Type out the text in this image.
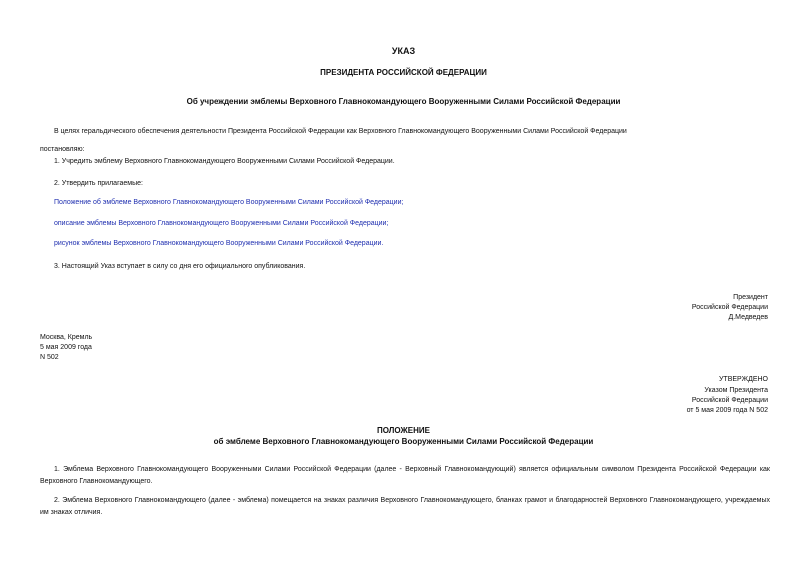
УКАЗ
ПРЕЗИДЕНТА РОССИЙСКОЙ ФЕДЕРАЦИИ
Об учреждении эмблемы Верховного Главнокомандующего Вооруженными Силами Российской Федерации
В целях геральдического обеспечения деятельности Президента Российской Федерации как Верховного Главнокомандующего Вооруженными Силами Российской Федерации
постановляю:
1. Учредить эмблему Верховного Главнокомандующего Вооруженными Силами Российской Федерации.
2. Утвердить прилагаемые:
Положение об эмблеме Верховного Главнокомандующего Вооруженными Силами Российской Федерации;
описание эмблемы Верховного Главнокомандующего Вооруженными Силами Российской Федерации;
рисунок эмблемы Верховного Главнокомандующего Вооруженными Силами Российской Федерации.
3. Настоящий Указ вступает в силу со дня его официального опубликования.
Президент
Российской Федерации
Д.Медведев
Москва, Кремль
5 мая 2009 года
N 502
УТВЕРЖДЕНО
Указом Президента
Российской Федерации
от 5 мая 2009 года N 502
ПОЛОЖЕНИЕ
об эмблеме Верховного Главнокомандующего Вооруженными Силами Российской Федерации
1. Эмблема Верховного Главнокомандующего Вооруженными Силами Российской Федерации (далее - Верховный Главнокомандующий) является официальным символом Президента Российской Федерации как Верховного Главнокомандующего.
2. Эмблема Верховного Главнокомандующего (далее - эмблема) помещается на знаках различия Верховного Главнокомандующего, бланках грамот и благодарностей Верховного Главнокомандующего, учреждаемых им знаках отличия.
